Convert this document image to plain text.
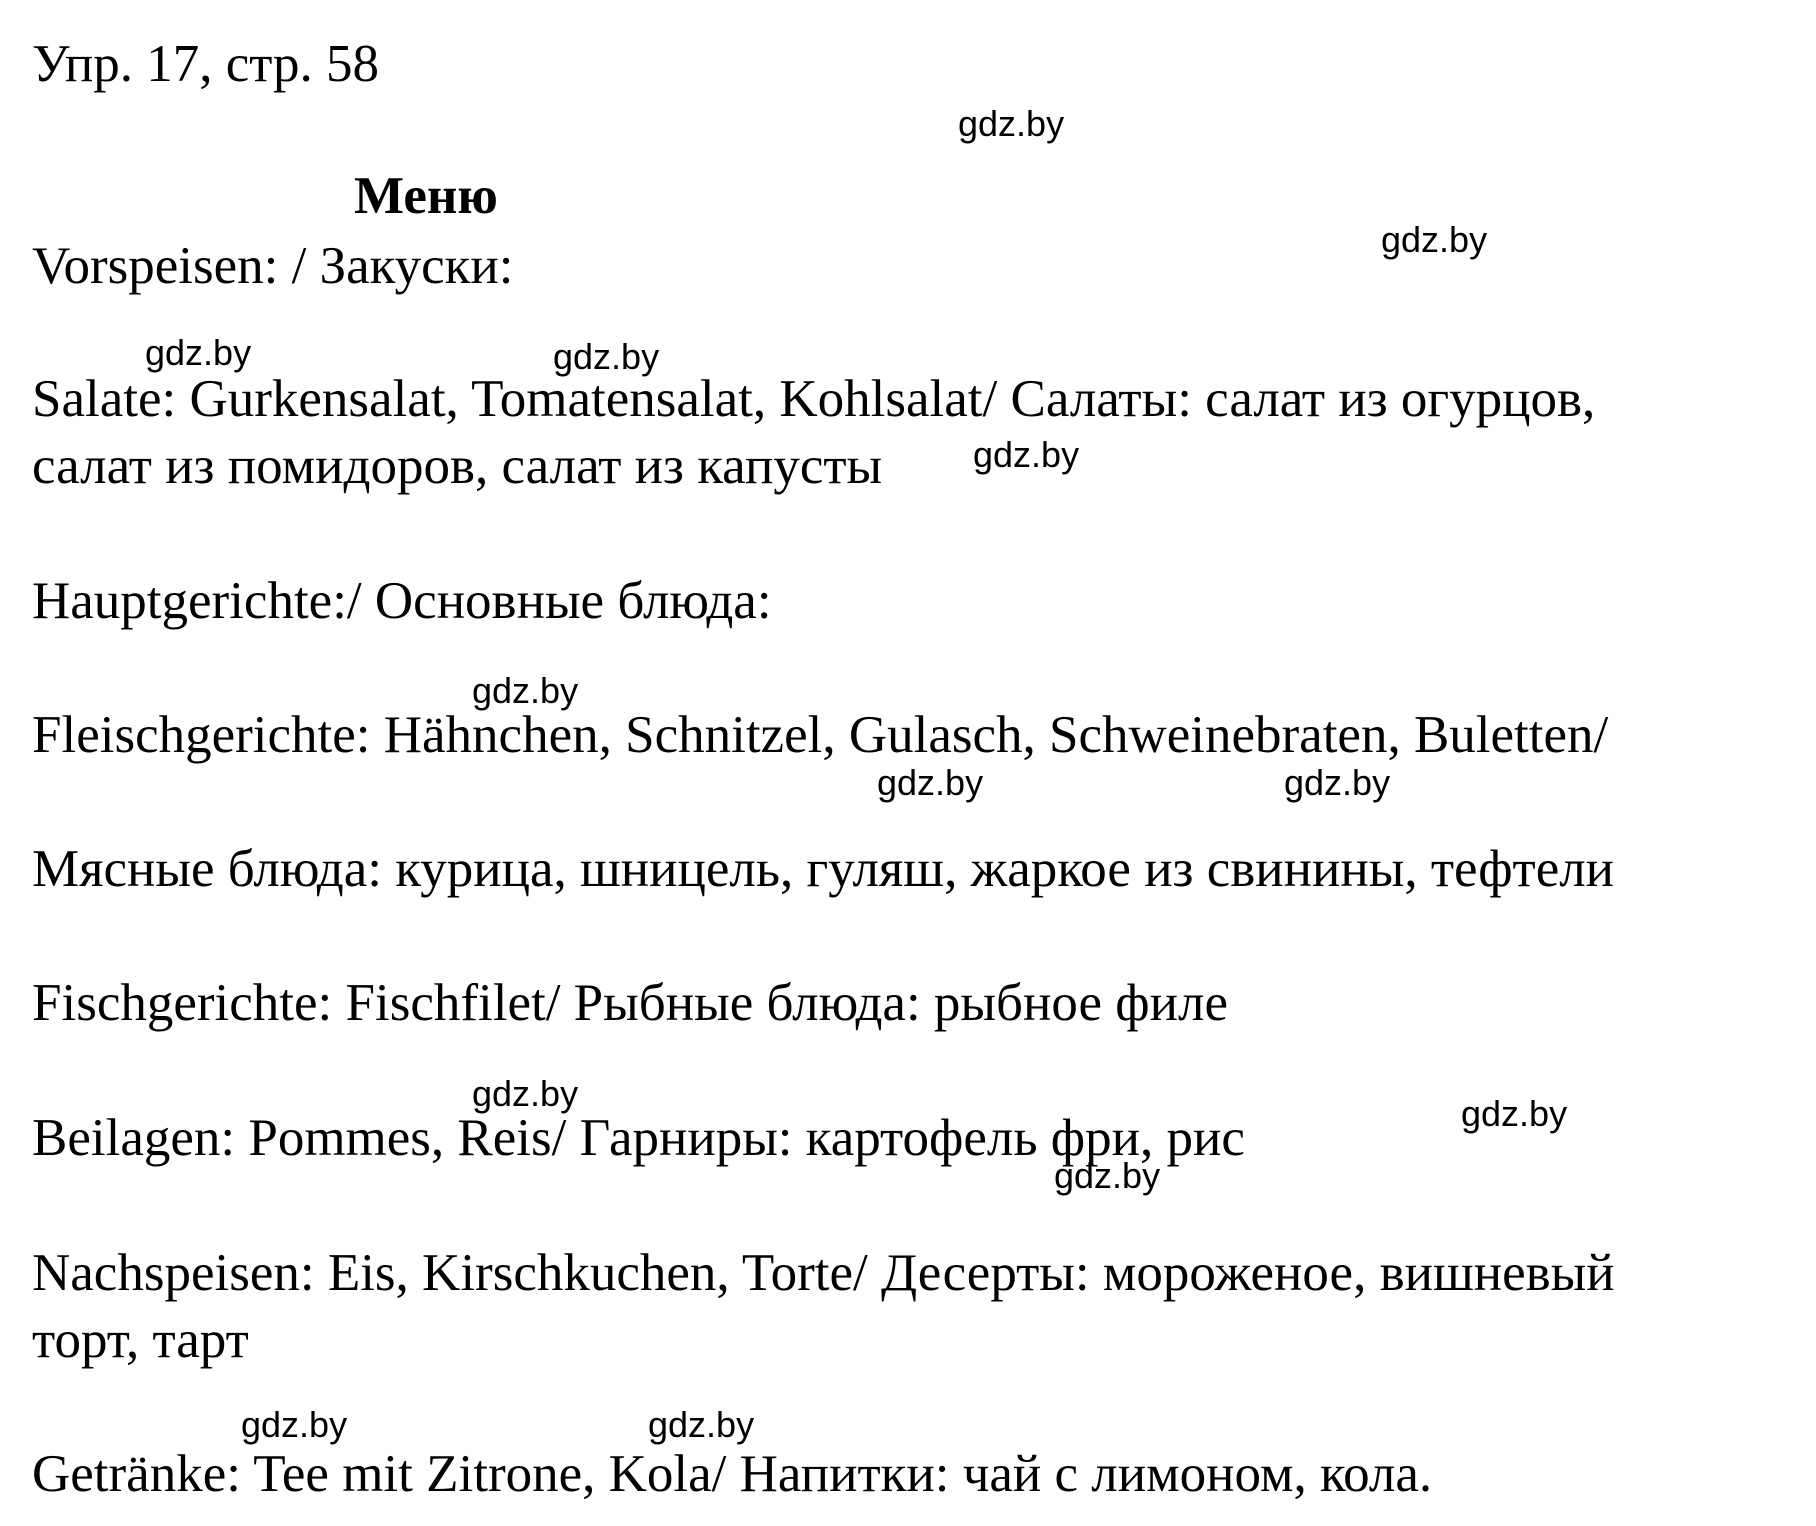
Упр. 17, стр. 58

Меню

Vorspeisen: / Закуски:

Salate: Gurkensalat, Tomatensalat, Kohlsalat/ Салаты: салат из огурцов,

салат из помидоров, салат из капусты

Hauptgerichte:/ Основные блюда:

Fleischgerichte: Hähnchen, Schnitzel, Gulasch, Schweinebraten, Buletten/

Мясные блюда: курица, шницель, гуляш, жаркое из свинины, тефтели

Fischgerichte: Fischfilet/ Рыбные блюда: рыбное филе

Beilagen: Pommes, Reis/ Гарниры: картофель фри, рис

Nachspeisen: Eis, Kirschkuchen, Torte/ Десерты: мороженое, вишневый

торт, тарт

Getränke: Tee mit Zitrone, Kola/ Напитки: чай с лимоном, кола.

gdz.by
gdz.by
gdz.by	gdz.by
gdz.by
gdz.by
gdz.by	gdz.by
gdz.by	gdz.by
gdz.by
gdz.by	gdz.by
